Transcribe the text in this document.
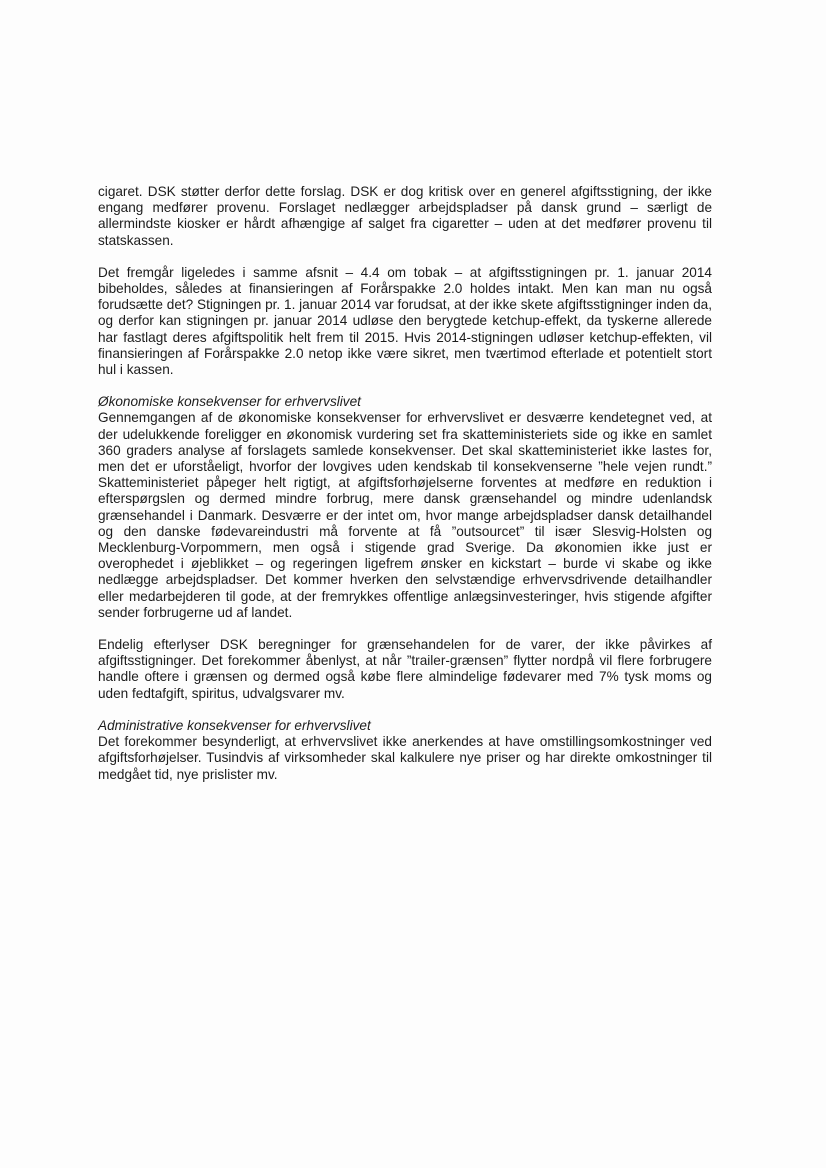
cigaret. DSK støtter derfor dette forslag. DSK er dog kritisk over en generel afgiftsstigning, der ikke engang medfører provenu. Forslaget nedlægger arbejdspladser på dansk grund – særligt de allermindste kiosker er hårdt afhængige af salget fra cigaretter – uden at det medfører provenu til statskassen.

Det fremgår ligeledes i samme afsnit – 4.4 om tobak – at afgiftsstigningen pr. 1. januar 2014 bibeholdes, således at finansieringen af Forårspakke 2.0 holdes intakt. Men kan man nu også forudsætte det? Stigningen pr. 1. januar 2014 var forudsat, at der ikke skete afgiftsstigninger inden da, og derfor kan stigningen pr. januar 2014 udløse den berygtede ketchup-effekt, da tyskerne allerede har fastlagt deres afgiftspolitik helt frem til 2015. Hvis 2014-stigningen udløser ketchup-effekten, vil finansieringen af Forårspakke 2.0 netop ikke være sikret, men tværtimod efterlade et potentielt stort hul i kassen.

Økonomiske konsekvenser for erhvervslivet

Gennemgangen af de økonomiske konsekvenser for erhvervslivet er desværre kendetegnet ved, at der udelukkende foreligger en økonomisk vurdering set fra skatteministeriets side og ikke en samlet 360 graders analyse af forslagets samlede konsekvenser. Det skal skatteministeriet ikke lastes for, men det er uforståeligt, hvorfor der lovgives uden kendskab til konsekvenserne ”hele vejen rundt.” Skatteministeriet påpeger helt rigtigt, at afgiftsforhøjelserne forventes at medføre en reduktion i efterspørgslen og dermed mindre forbrug, mere dansk grænsehandel og mindre udenlandsk grænsehandel i Danmark. Desværre er der intet om, hvor mange arbejdspladser dansk detailhandel og den danske fødevareindustri må forvente at få ”outsourcet” til især Slesvig-Holsten og Mecklenburg-Vorpommern, men også i stigende grad Sverige. Da økonomien ikke just er overophedet i øjeblikket – og regeringen ligefrem ønsker en kickstart – burde vi skabe og ikke nedlægge arbejdspladser. Det kommer hverken den selvstændige erhvervsdrivende detailhandler eller medarbejderen til gode, at der fremrykkes offentlige anlægsinvesteringer, hvis stigende afgifter sender forbrugerne ud af landet.

Endelig efterlyser DSK beregninger for grænsehandelen for de varer, der ikke påvirkes af afgiftsstigninger. Det forekommer åbenlyst, at når ”trailer-grænsen” flytter nordpå vil flere forbrugere handle oftere i grænsen og dermed også købe flere almindelige fødevarer med 7% tysk moms og uden fedtafgift, spiritus, udvalgsvarer mv.

Administrative konsekvenser for erhvervslivet

Det forekommer besynderligt, at erhvervslivet ikke anerkendes at have omstillingsomkostninger ved afgiftsforhøjelser. Tusindvis af virksomheder skal kalkulere nye priser og har direkte omkostninger til medgået tid, nye prislister mv.
